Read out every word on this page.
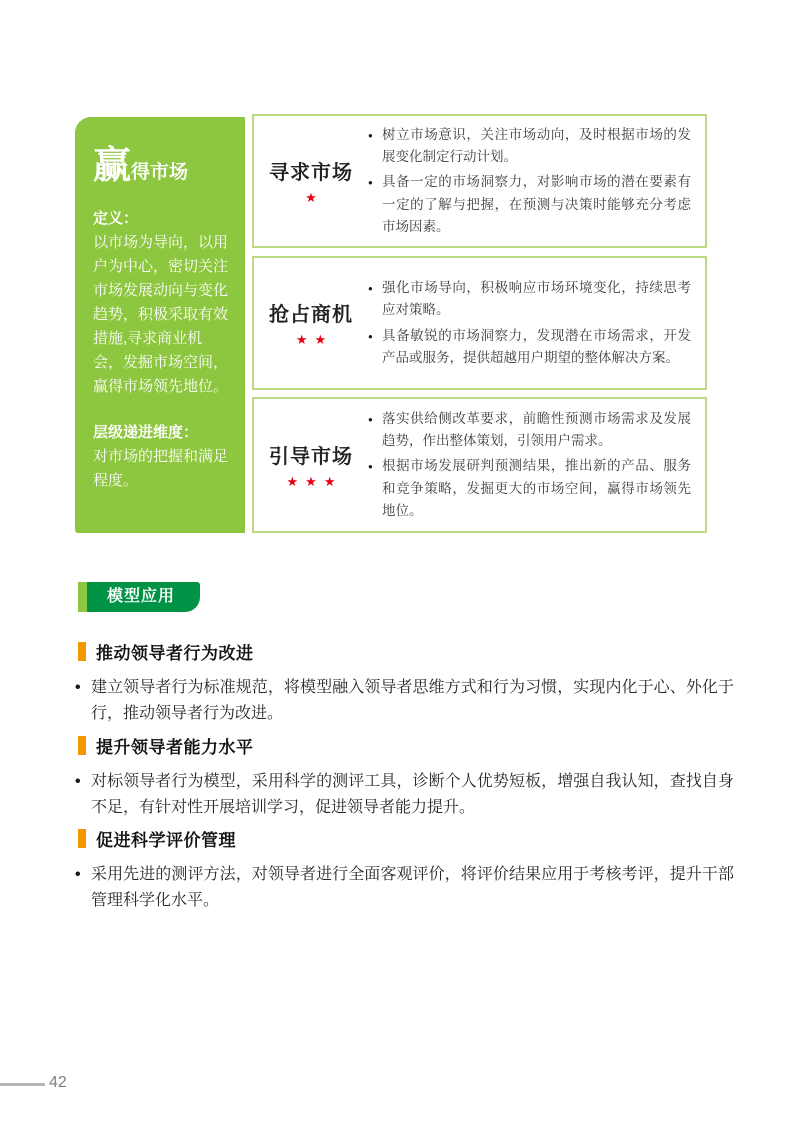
赢得市场

定义：

以市场为导向，以用户为中心，密切关注市场发展动向与变化趋势，积极采取有效措施,寻求商业机会，发掘市场空间，赢得市场领先地位。

层级递进维度：

对市场的把握和满足程度。

寻求市场
★
● 树立市场意识，关注市场动向，及时根据市场的发展变化制定行动计划。
● 具备一定的市场洞察力，对影响市场的潜在要素有一定的了解与把握，在预测与决策时能够充分考虑市场因素。
抢占商机
★★
● 强化市场导向，积极响应市场环境变化，持续思考应对策略。
● 具备敏锐的市场洞察力，发现潜在市场需求，开发产品或服务，提供超越用户期望的整体解决方案。
引导市场
★★★
● 落实供给侧改革要求，前瞻性预测市场需求及发展趋势，作出整体策划，引领用户需求。
● 根据市场发展研判预测结果，推出新的产品、服务和竞争策略，发掘更大的市场空间，赢得市场领先地位。
模型应用
推动领导者行为改进
• 建立领导者行为标准规范，将模型融入领导者思维方式和行为习惯，实现内化于心、外化于行，推动领导者行为改进。
提升领导者能力水平
• 对标领导者行为模型，采用科学的测评工具，诊断个人优势短板，增强自我认知，查找自身不足，有针对性开展培训学习，促进领导者能力提升。
促进科学评价管理
• 采用先进的测评方法，对领导者进行全面客观评价，将评价结果应用于考核考评，提升干部管理科学化水平。
42
